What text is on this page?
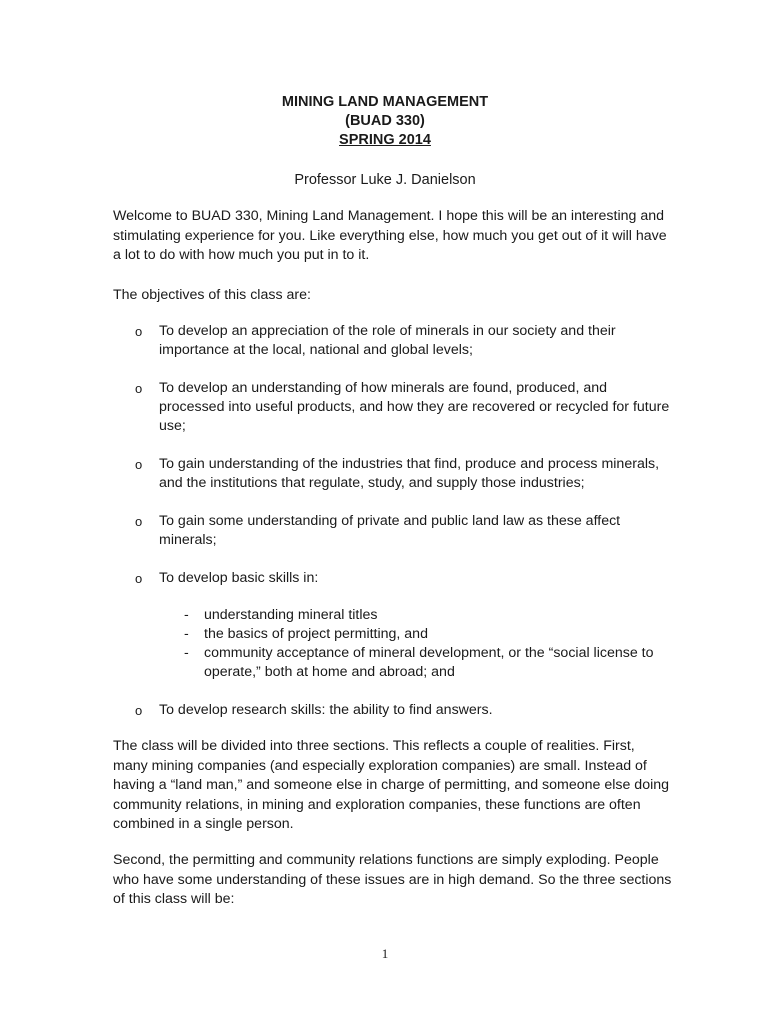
MINING LAND MANAGEMENT
(BUAD 330)
SPRING 2014
Professor Luke J. Danielson

Welcome to BUAD 330, Mining Land Management. I hope this will be an interesting and stimulating experience for you. Like everything else, how much you get out of it will have a lot to do with how much you put in to it.

The objectives of this class are:

o To develop an appreciation of the role of minerals in our society and their importance at the local, national and global levels;
o To develop an understanding of how minerals are found, produced, and processed into useful products, and how they are recovered or recycled for future use;
o To gain understanding of the industries that find, produce and process minerals, and the institutions that regulate, study, and supply those industries;
o To gain some understanding of private and public land law as these affect minerals;
o To develop basic skills in:
- understanding mineral titles
- the basics of project permitting, and
- community acceptance of mineral development, or the “social license to operate,” both at home and abroad; and
o To develop research skills: the ability to find answers.

The class will be divided into three sections. This reflects a couple of realities. First, many mining companies (and especially exploration companies) are small. Instead of having a “land man,” and someone else in charge of permitting, and someone else doing community relations, in mining and exploration companies, these functions are often combined in a single person.

Second, the permitting and community relations functions are simply exploding. People who have some understanding of these issues are in high demand. So the three sections of this class will be:

1
